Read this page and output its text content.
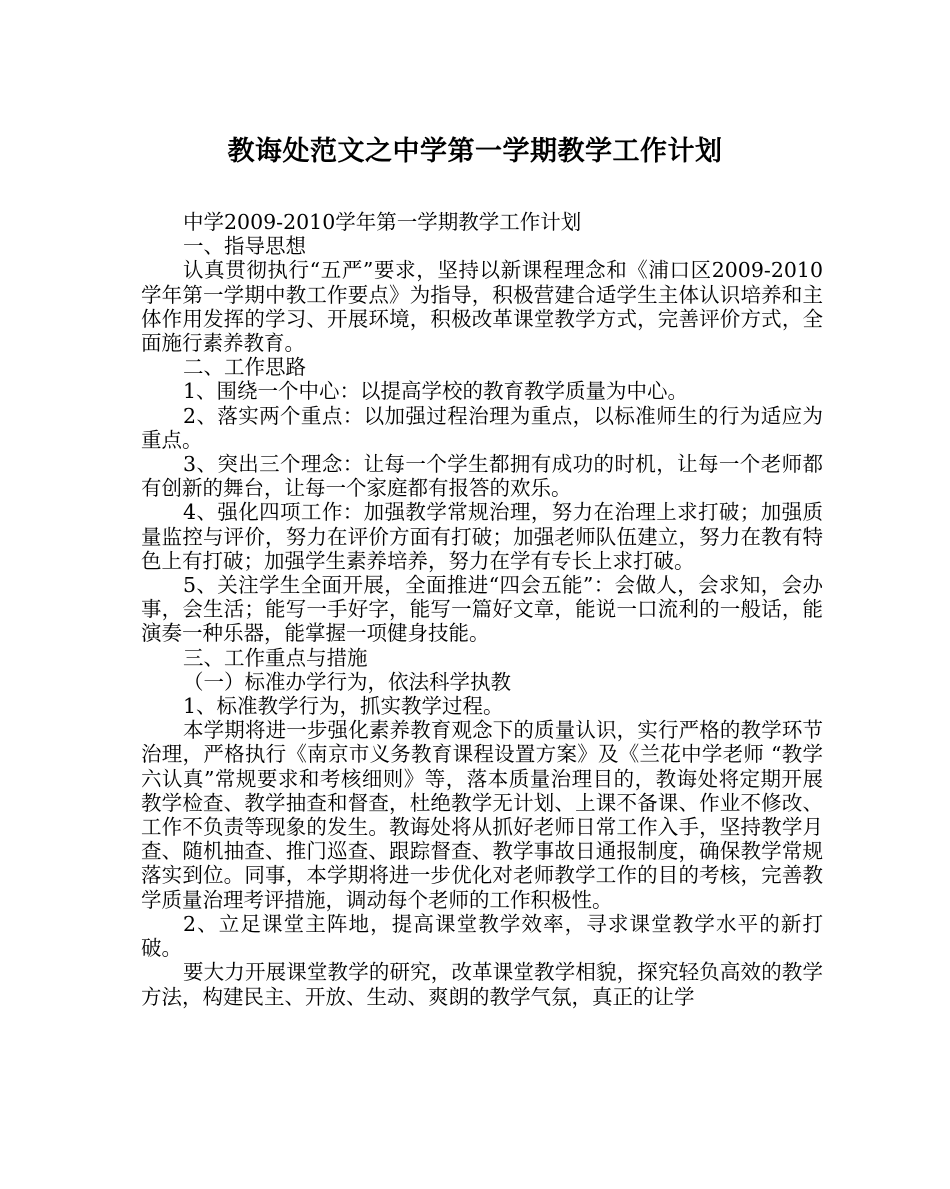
教诲处范文之中学第一学期教学工作计划

中学2009-2010学年第一学期教学工作计划

一、指导思想

认真贯彻执行“五严”要求，坚持以新课程理念和《浦口区2009-2010学年第一学期中教工作要点》为指导，积极营建合适学生主体认识培养和主体作用发挥的学习、开展环境，积极改革课堂教学方式，完善评价方式，全面施行素养教育。

二、工作思路

1、围绕一个中心：以提高学校的教育教学质量为中心。

2、落实两个重点：以加强过程治理为重点，以标准师生的行为适应为重点。

3、突出三个理念：让每一个学生都拥有成功的时机，让每一个老师都有创新的舞台，让每一个家庭都有报答的欢乐。

4、强化四项工作：加强教学常规治理，努力在治理上求打破；加强质量监控与评价，努力在评价方面有打破；加强老师队伍建立，努力在教有特色上有打破；加强学生素养培养，努力在学有专长上求打破。

5、关注学生全面开展，全面推进“四会五能”：会做人，会求知，会办事，会生活；能写一手好字，能写一篇好文章，能说一口流利的一般话，能演奏一种乐器，能掌握一项健身技能。

三、工作重点与措施

（一）标准办学行为，依法科学执教

1、标准教学行为，抓实教学过程。

本学期将进一步强化素养教育观念下的质量认识，实行严格的教学环节治理，严格执行《南京市义务教育课程设置方案》及《兰花中学老师 “教学六认真”常规要求和考核细则》等，落本质量治理目的，教诲处将定期开展教学检查、教学抽查和督查，杜绝教学无计划、上课不备课、作业不修改、工作不负责等现象的发生。教诲处将从抓好老师日常工作入手，坚持教学月查、随机抽查、推门巡查、跟踪督查、教学事故日通报制度，确保教学常规落实到位。同事，本学期将进一步优化对老师教学工作的目的考核，完善教学质量治理考评措施，调动每个老师的工作积极性。

2、立足课堂主阵地，提高课堂教学效率，寻求课堂教学水平的新打破。

要大力开展课堂教学的研究，改革课堂教学相貌，探究轻负高效的教学方法，构建民主、开放、生动、爽朗的教学气氛，真正的让学
